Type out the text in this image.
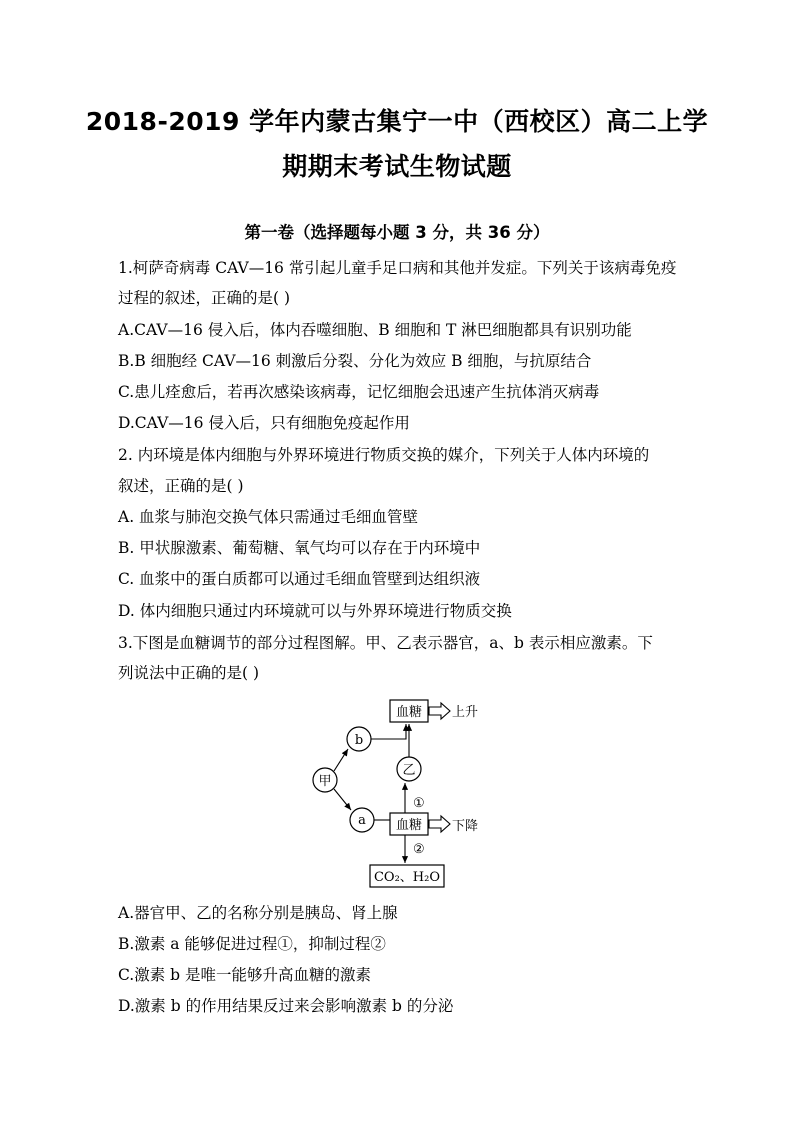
2018-2019 学年内蒙古集宁一中（西校区）高二上学
期期末考试生物试题
第一卷（选择题每小题 3 分，共 36 分）
1.柯萨奇病毒 CAV—16 常引起儿童手足口病和其他并发症。下列关于该病毒免疫
过程的叙述，正确的是( )
A.CAV—16 侵入后，体内吞噬细胞、B 细胞和 T 淋巴细胞都具有识别功能
B.B 细胞经 CAV—16 刺激后分裂、分化为效应 B 细胞，与抗原结合
C.患儿痊愈后，若再次感染该病毒，记忆细胞会迅速产生抗体消灭病毒
D.CAV—16 侵入后，只有细胞免疫起作用
2. 内环境是体内细胞与外界环境进行物质交换的媒介，下列关于人体内环境的
叙述，正确的是( )
A. 血浆与肺泡交换气体只需通过毛细血管壁
B. 甲状腺激素、葡萄糖、氧气均可以存在于内环境中
C. 血浆中的蛋白质都可以通过毛细血管壁到达组织液
D. 体内细胞只通过内环境就可以与外界环境进行物质交换
3.下图是血糖调节的部分过程图解。甲、乙表示器官，a、b 表示相应激素。下
列说法中正确的是( )
血糖 上升
b
甲
乙
a 血糖
①
下降
②
CO₂、H₂O
A.器官甲、乙的名称分别是胰岛、肾上腺
B.激素 a 能够促进过程①，抑制过程②
C.激素 b 是唯一能够升高血糖的激素
D.激素 b 的作用结果反过来会影响激素 b 的分泌
